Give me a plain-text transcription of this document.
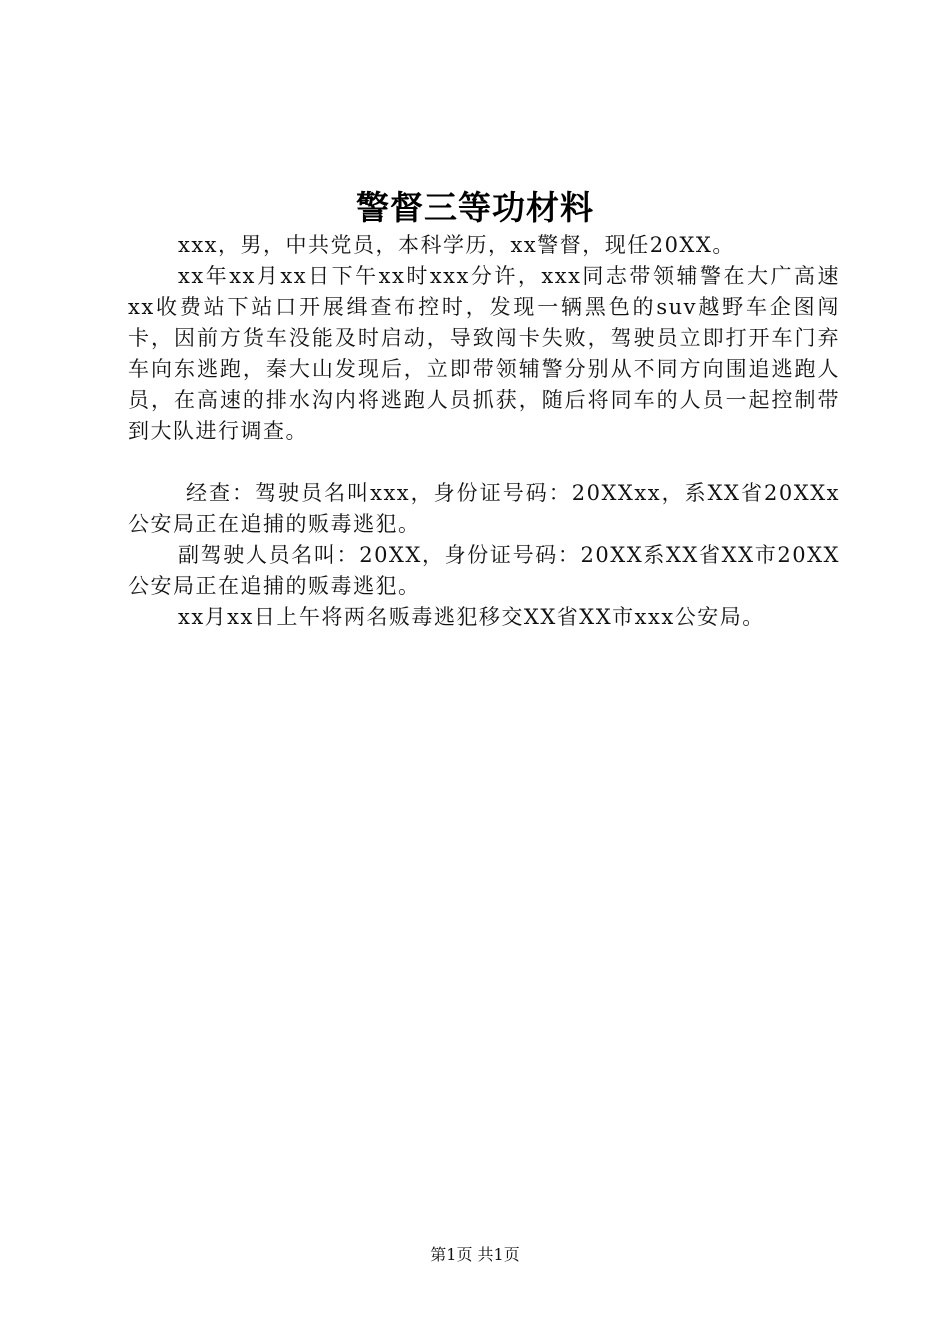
警督三等功材料

xxx，男，中共党员，本科学历，xx警督，现任20XX。

xx年xx月xx日下午xx时xxx分许，xxx同志带领辅警在大广高速xx收费站下站口开展缉查布控时，发现一辆黑色的suv越野车企图闯卡，因前方货车没能及时启动，导致闯卡失败，驾驶员立即打开车门弃车向东逃跑，秦大山发现后，立即带领辅警分别从不同方向围追逃跑人员，在高速的排水沟内将逃跑人员抓获，随后将同车的人员一起控制带到大队进行调查。

经查：驾驶员名叫xxx，身份证号码：20XXxx，系XX省20XXx公安局正在追捕的贩毒逃犯。

副驾驶人员名叫：20XX，身份证号码：20XX系XX省XX市20XX公安局正在追捕的贩毒逃犯。

xx月xx日上午将两名贩毒逃犯移交XX省XX市xxx公安局。

第1页 共1页
